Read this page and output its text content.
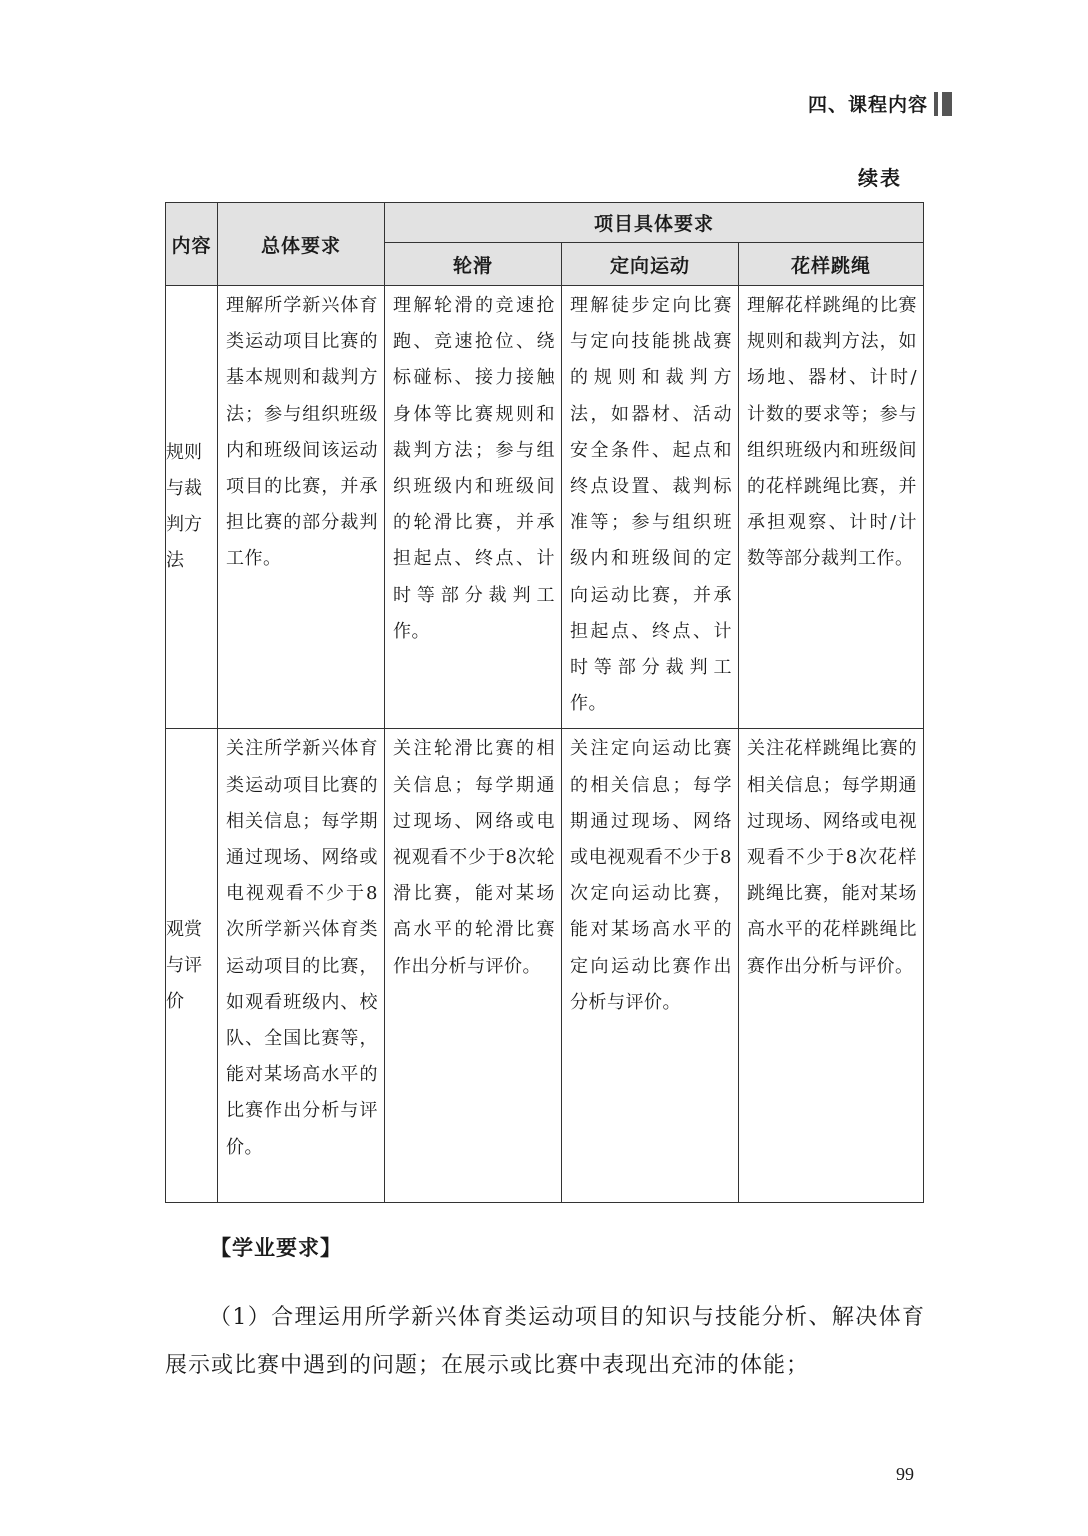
四、课程内容
续表
内容	总体要求	项目具体要求		
		轮滑	定向运动	花样跳绳
规则与裁判方法	理解所学新兴体育类运动项目比赛的基本规则和裁判方法；参与组织班级内和班级间该运动项目的比赛，并承担比赛的部分裁判工作。	理解轮滑的竞速抢跑、竞速抢位、绕标碰标、接力接触身体等比赛规则和裁判方法；参与组织班级内和班级间的轮滑比赛，并承担起点、终点、计时等部分裁判工作。	理解徒步定向比赛与定向技能挑战赛的规则和裁判方法，如器材、活动安全条件、起点和终点设置、裁判标准等；参与组织班级内和班级间的定向运动比赛，并承担起点、终点、计时等部分裁判工作。	理解花样跳绳的比赛规则和裁判方法，如场地、器材、计时/计数的要求等；参与组织班级内和班级间的花样跳绳比赛，并承担观察、计时/计数等部分裁判工作。

观赏与评价	关注所学新兴体育类运动项目比赛的相关信息；每学期通过现场、网络或电视观看不少于8次所学新兴体育类运动项目的比赛，如观看班级内、校队、全国比赛等，能对某场高水平的比赛作出分析与评价。	关注轮滑比赛的相关信息；每学期通过现场、网络或电视观看不少于8次轮滑比赛，能对某场高水平的轮滑比赛作出分析与评价。	关注定向运动比赛的相关信息；每学期通过现场、网络或电视观看不少于8次定向运动比赛，能对某场高水平的定向运动比赛作出分析与评价。	关注花样跳绳比赛的相关信息；每学期通过现场、网络或电视观看不少于8次花样跳绳比赛，能对某场高水平的花样跳绳比赛作出分析与评价。
【学业要求】

（1）合理运用所学新兴体育类运动项目的知识与技能分析、解决体育展示或比赛中遇到的问题；在展示或比赛中表现出充沛的体能；

99
